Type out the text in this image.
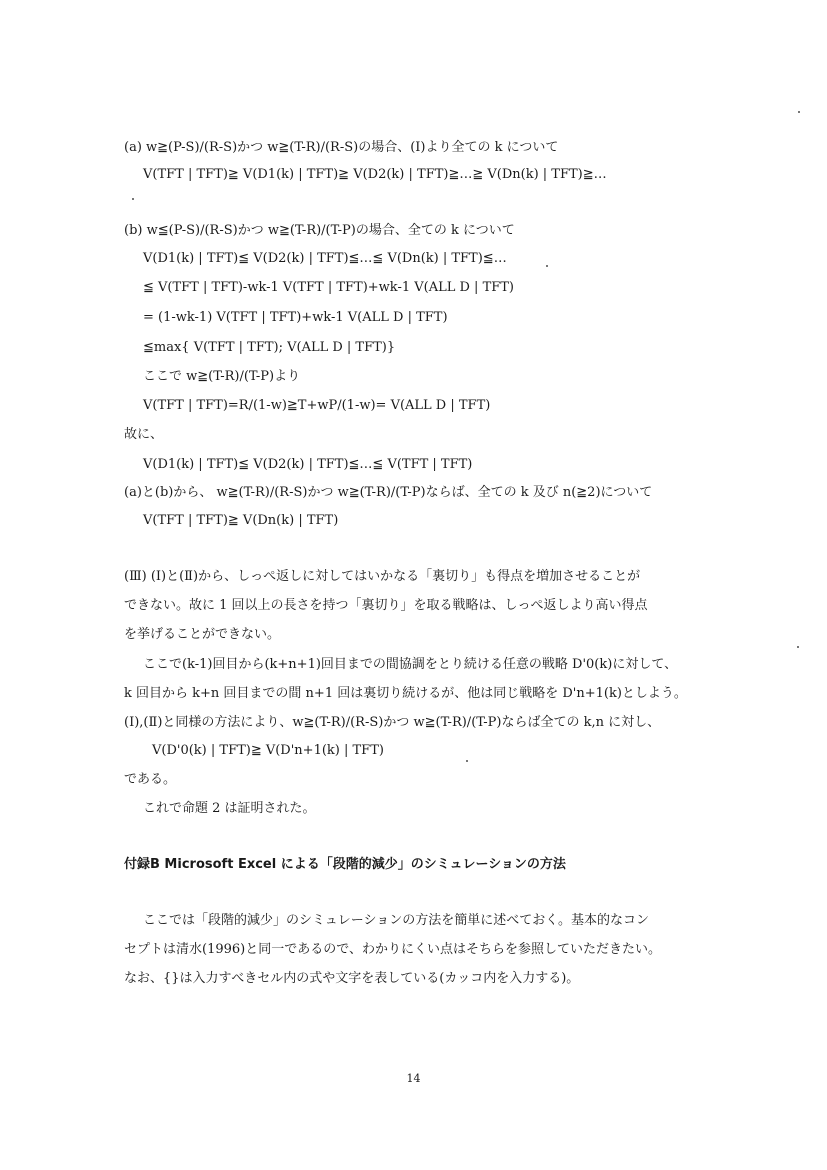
(a) w≧(P-S)/(R-S)かつ w≧(T-R)/(R-S)の場合、(Ⅰ)より全ての k について
V(TFT | TFT)≧ V(D1(k) | TFT)≧ V(D2(k) | TFT)≧…≧ V(Dn(k) | TFT)≧…
(b) w≦(P-S)/(R-S)かつ w≧(T-R)/(T-P)の場合、全ての k について
V(D1(k) | TFT)≦ V(D2(k) | TFT)≦…≦ V(Dn(k) | TFT)≦…
≦ V(TFT | TFT)-wk-1 V(TFT | TFT)+wk-1 V(ALL D | TFT)
= (1-wk-1) V(TFT | TFT)+wk-1 V(ALL D | TFT)
≦max{ V(TFT | TFT); V(ALL D | TFT)}
ここで w≧(T-R)/(T-P)より
V(TFT | TFT)=R/(1-w)≧T+wP/(1-w)= V(ALL D | TFT)
故に、
V(D1(k) | TFT)≦ V(D2(k) | TFT)≦…≦ V(TFT | TFT)
(a)と(b)から、 w≧(T-R)/(R-S)かつ w≧(T-R)/(T-P)ならば、全ての k 及び n(≧2)について
V(TFT | TFT)≧ V(Dn(k) | TFT)
(Ⅲ) (Ⅰ)と(Ⅱ)から、しっぺ返しに対してはいかなる「裏切り」も得点を増加させることが
できない。故に 1 回以上の長さを持つ「裏切り」を取る戦略は、しっぺ返しより高い得点
を挙げることができない。
ここで(k-1)回目から(k+n+1)回目までの間協調をとり続ける任意の戦略 D'0(k)に対して、
k 回目から k+n 回目までの間 n+1 回は裏切り続けるが、他は同じ戦略を D'n+1(k)としよう。
(Ⅰ),(Ⅱ)と同様の方法により、w≧(T-R)/(R-S)かつ w≧(T-R)/(T-P)ならば全ての k,n に対し、
V(D'0(k) | TFT)≧ V(D'n+1(k) | TFT)
である。
これで命題 2 は証明された。
付録B Microsoft Excel による「段階的減少」のシミュレーションの方法
ここでは「段階的減少」のシミュレーションの方法を簡単に述べておく。基本的なコン
セプトは清水(1996)と同一であるので、わかりにくい点はそちらを参照していただきたい。
なお、{}は入力すべきセル内の式や文字を表している(カッコ内を入力する)。
14
